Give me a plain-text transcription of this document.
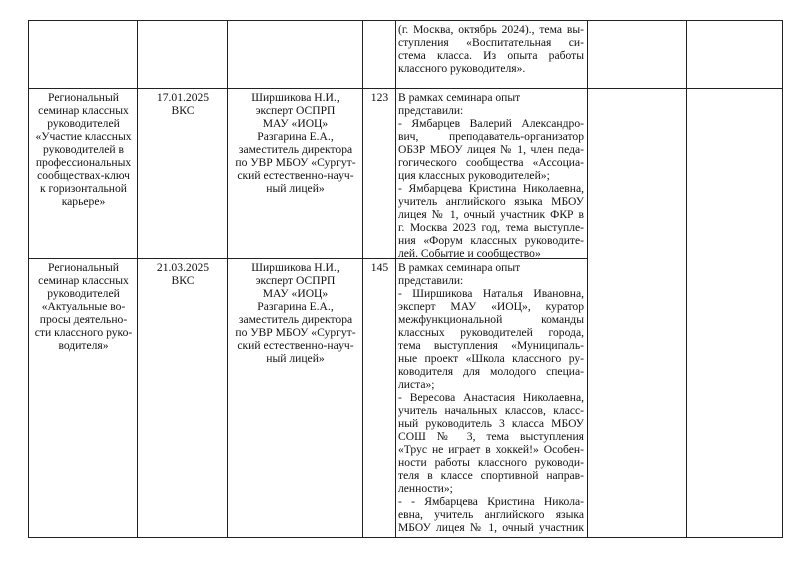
(г. Москва, октябрь 2024)., тема вы-
ступления «Воспитательная си-
стема класса. Из опыта работы
классного руководителя».
Региональный
семинар классных
руководителей
«Участие классных
руководителей в
профессиональных
сообществах-ключ
к горизонтальной
карьере»
17.01.2025
ВКС
Ширшикова Н.И.,
эксперт ОСПРП
МАУ «ИОЦ»
Разгарина Е.А.,
заместитель директора
по УВР МБОУ «Сургут-
ский естественно-науч-
ный лицей»
123 В рамках семинара опыт
представили:
- Ямбарцев Валерий Александро-
вич, преподаватель-организатор
ОБЗР МБОУ лицея № 1, член педа-
гогического сообщества «Ассоциа-
ция классных руководителей»;
- Ямбарцева Кристина Николаевна,
учитель английского языка МБОУ
лицея № 1, очный участник ФКР в
г. Москва 2023 год, тема выступле-
ния «Форум классных руководите-
лей. Событие и сообщество»
Региональный
семинар классных
руководителей
«Актуальные во-
просы деятельно-
сти классного руко-
водителя»
21.03.2025
ВКС
Ширшикова Н.И.,
эксперт ОСПРП
МАУ «ИОЦ»
Разгарина Е.А.,
заместитель директора
по УВР МБОУ «Сургут-
ский естественно-науч-
ный лицей»
145 В рамках семинара опыт
представили:
- Ширшикова Наталья Ивановна,
эксперт МАУ «ИОЦ», куратор
межфункциональной команды
классных руководителей города,
тема выступления «Муниципаль-
ные проект «Школа классного ру-
ководителя для молодого специа-
листа»;
- Вересова Анастасия Николаевна,
учитель начальных классов, класс-
ный руководитель 3 класса МБОУ
СОШ № 3, тема выступления
«Трус не играет в хоккей!» Особен-
ности работы классного руководи-
теля в классе спортивной направ-
ленности»;
- - Ямбарцева Кристина Никола-
евна, учитель английского языка
МБОУ лицея № 1, очный участник
